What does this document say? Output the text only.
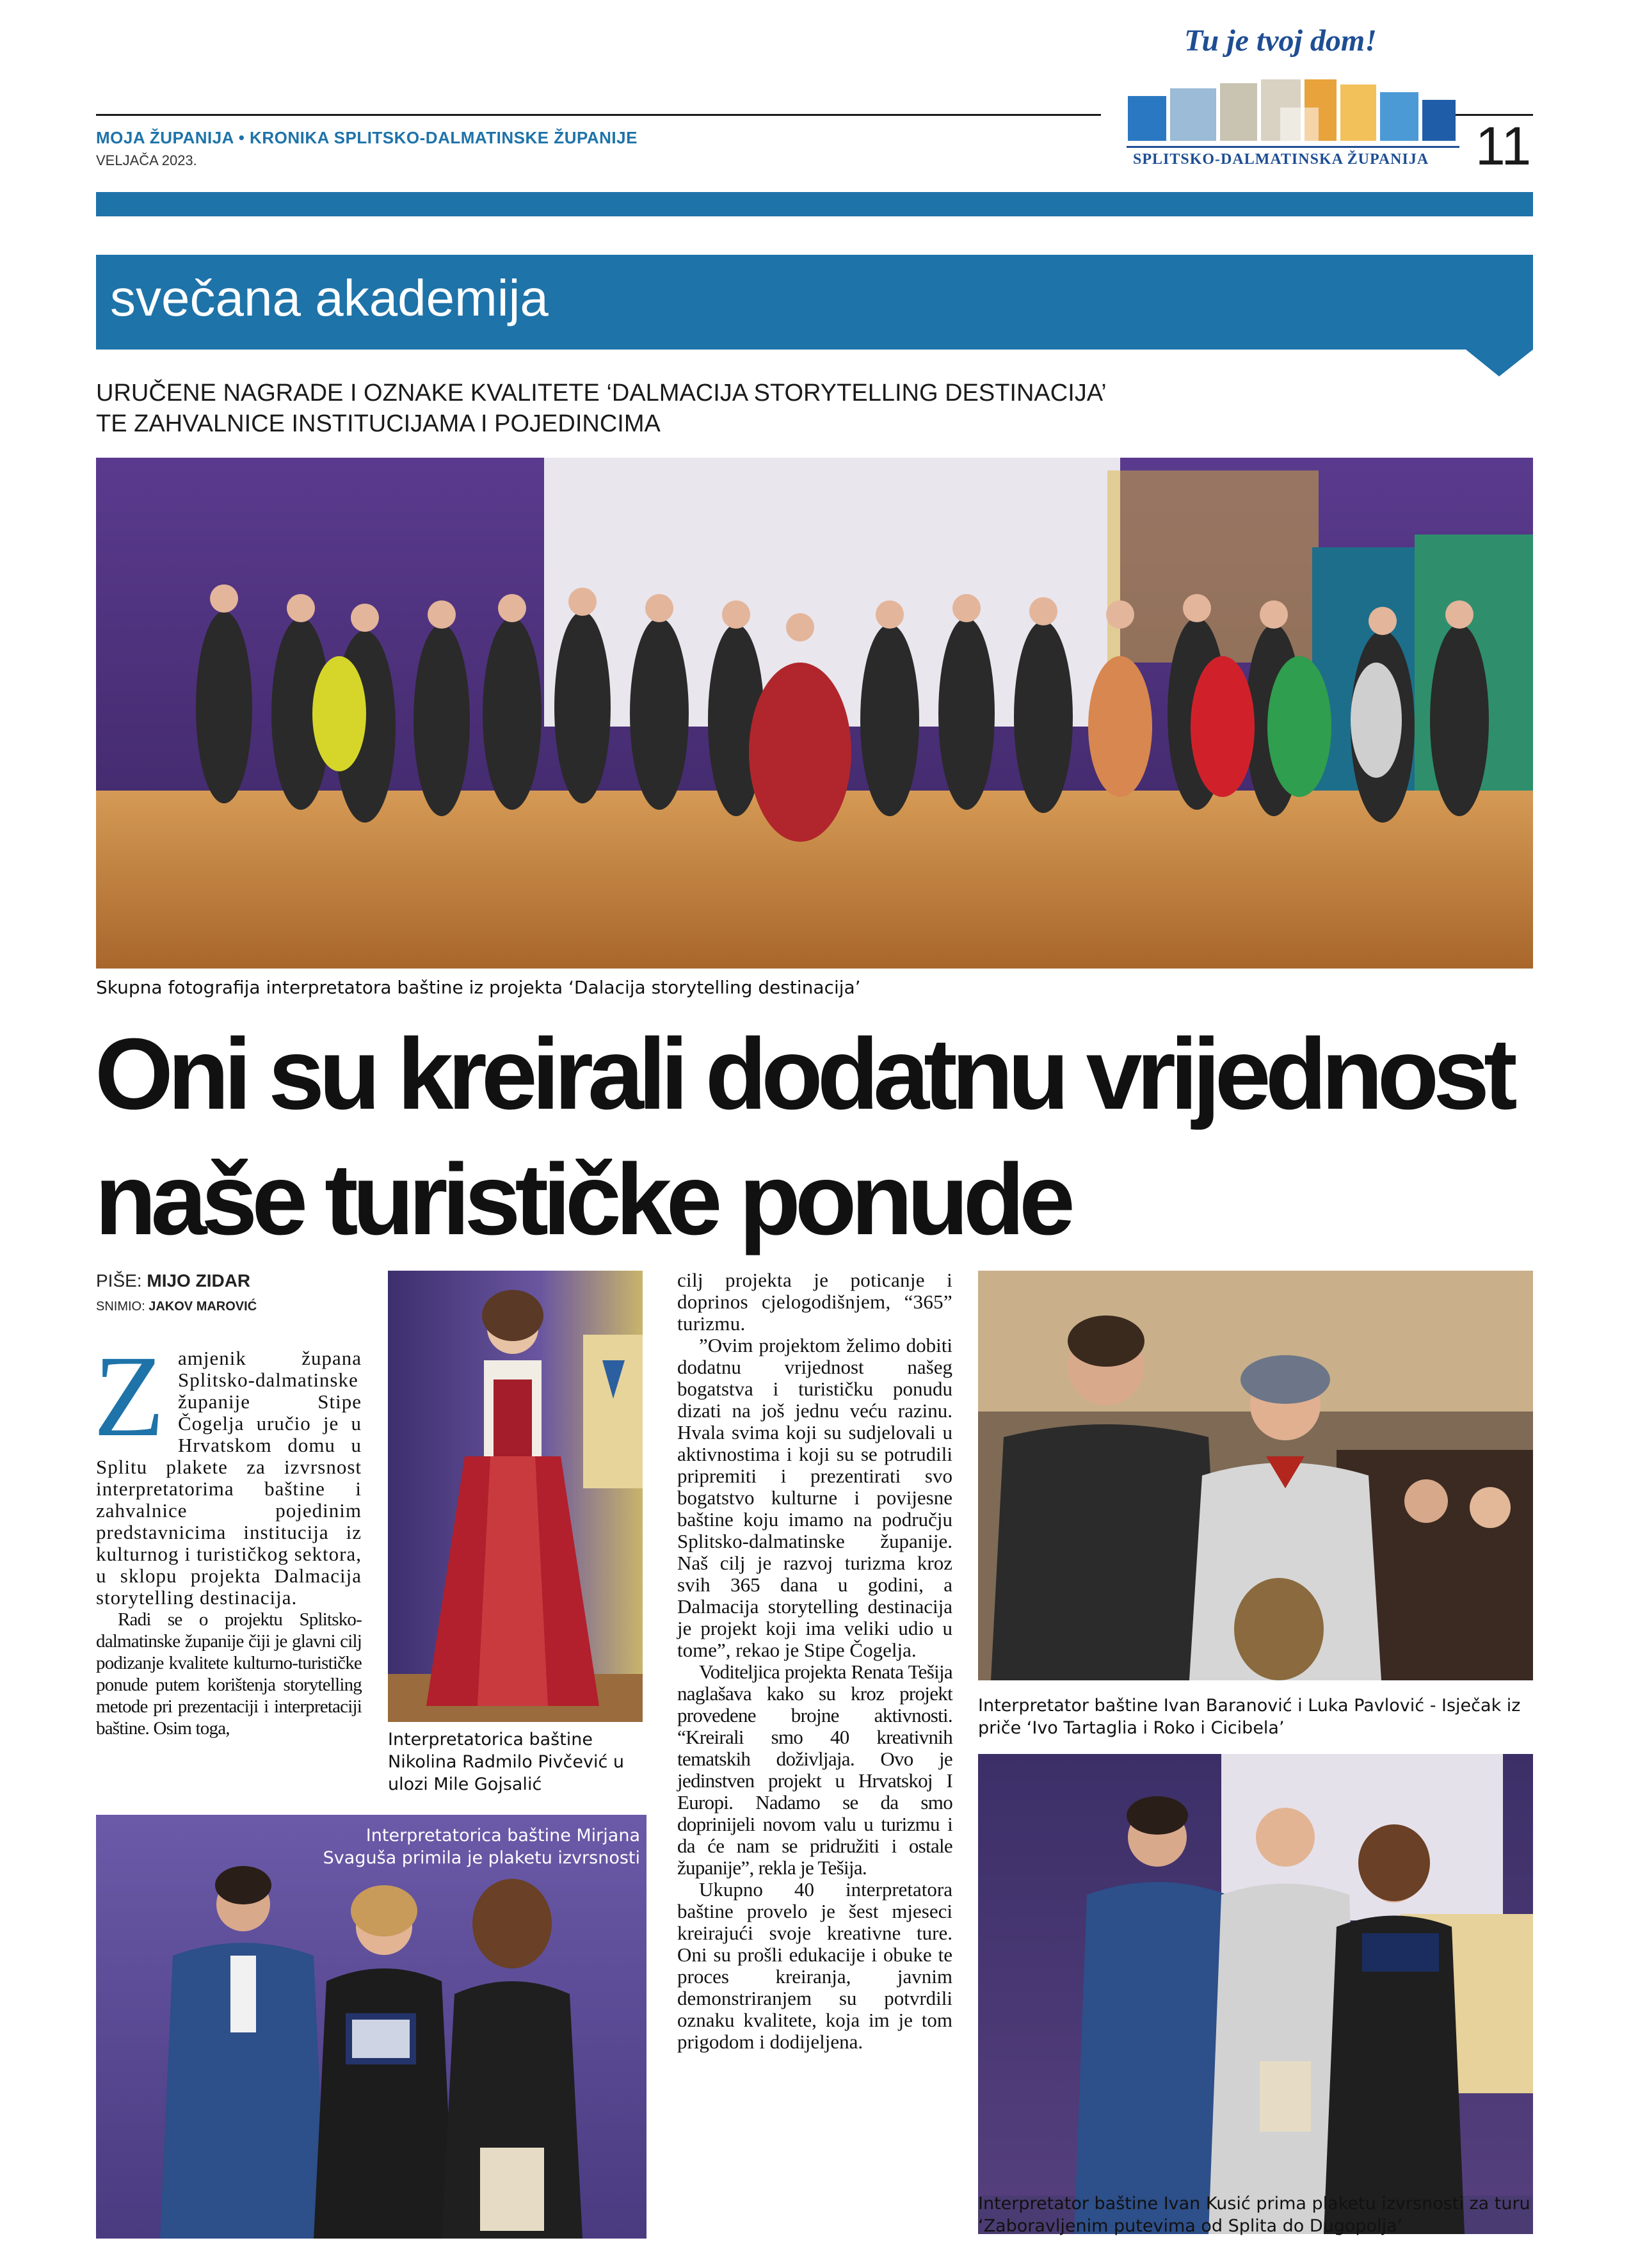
MOJA ŽUPANIJA • KRONIKA SPLITSKO-DALMATINSKE ŽUPANIJE
VELJAČA 2023.
Tu je tvoj dom!
SPLITSKO-DALMATINSKA ŽUPANIJA 11
svečana akademija
URUČENE NAGRADE I OZNAKE KVALITETE ‘DALMACIJA STORYTELLING DESTINACIJA’
TE ZAHVALNICE INSTITUCIJAMA I POJEDINCIMA
Skupna fotografija interpretatora baštine iz projekta ‘Dalacija storytelling destinacija’
Oni su kreirali dodatnu vrijednost
naše turističke ponude
PIŠE: MIJO ZIDAR
SNIMIO: JAKOV MAROVIĆ
Z amjenik župana Splitsko-dalmatinske županije Stipe Čogelja uručio je u Hrvatskom domu u Splitu plakete za izvrsnost interpretatorima baštine i zahvalnice pojedinim predstavnicima institucija iz kulturnog i turističkog sektora, u sklopu projekta Dalmacija storytelling destinacija.

Radi se o projektu Splitsko-dalmatinske županije čiji je glavni cilj podizanje kvalitete kulturno-turističke ponude putem korištenja storytelling metode pri prezentaciji i interpretaciji baštine. Osim toga,

Interpretatorica baštine
Nikolina Radmilo Pivčević u
ulozi Mile Gojsalić
Interpretatorica baštine Mirjana
Svaguša primila je plaketu izvrsnosti

cilj projekta je poticanje i doprinos cjelogodišnjem, “365” turizmu.

”Ovim projektom želimo dobiti dodatnu vrijednost našeg bogatstva i turističku ponudu dizati na još jednu veću razinu. Hvala svima koji su sudjelovali u aktivnostima i koji su se potrudili pripremiti i prezentirati svo bogatstvo kulturne i povijesne baštine koju imamo na području Splitsko-dalmatinske županije. Naš cilj je razvoj turizma kroz svih 365 dana u godini, a Dalmacija storytelling destinacija je projekt koji ima veliki udio u tome”, rekao je Stipe Čogelja.

Voditeljica projekta Renata Tešija naglašava kako su kroz projekt provedene brojne aktivnosti. “Kreirali smo 40 kreativnih tematskih doživljaja. Ovo je jedinstven projekt u Hrvatskoj I Europi. Nadamo se da smo doprinijeli novom valu u turizmu i da će nam se pridružiti i ostale županije”, rekla je Tešija.

Ukupno 40 interpretatora baštine provelo je šest mjeseci kreirajući svoje kreativne ture. Oni su prošli edukacije i obuke te proces kreiranja, javnim demonstriranjem su potvrdili oznaku kvalitete, koja im je tom prigodom i dodijeljena.

Interpretator baštine Ivan Baranović i Luka Pavlović - Isječak iz
priče ‘Ivo Tartaglia i Roko i Cicibela’
Interpretator baštine Ivan Kusić prima plaketu izvrsnosti za turu
‘Zaboravljenim putevima od Splita do Dugopolja’
